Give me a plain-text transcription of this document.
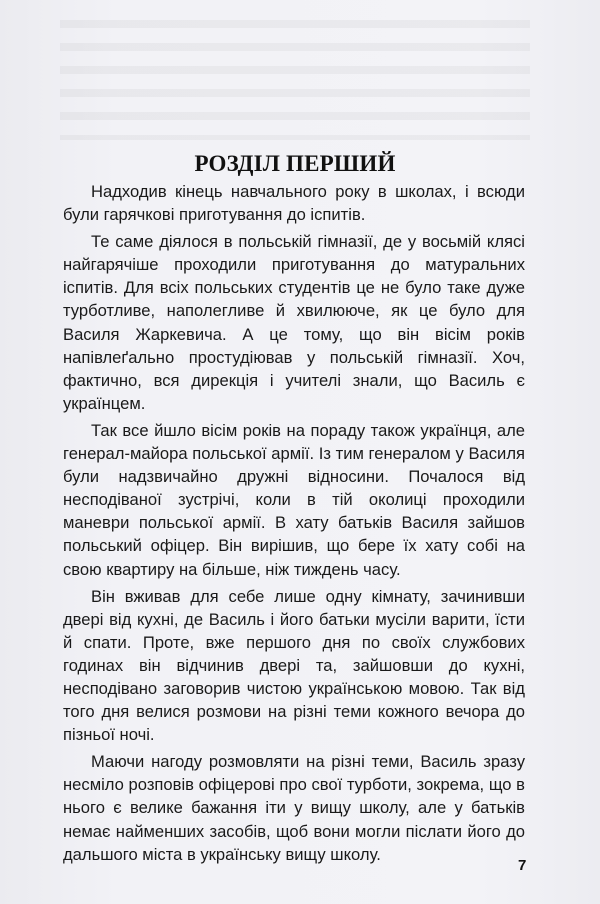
РОЗДІЛ ПЕРШИЙ

Надходив кінець навчального року в школах, і всюди були гарячкові приготування до іспитів.

Те саме діялося в польській гімназії, де у восьмій клясі найгарячіше проходили приготування до матуральних іспитів. Для всіх польських студентів це не було таке дуже турботливе, наполегливе й хвилююче, як це було для Василя Жаркевича. А це тому, що він вісім років напівлеґально простудіював у польській гімназії. Хоч, фактично, вся дирекція і учителі знали, що Василь є українцем.

Так все йшло вісім років на пораду також українця, але генерал-майора польської армії. Із тим генералом у Василя були надзвичайно дружні відносини. Почалося від несподіваної зустрічі, коли в тій околиці проходили маневри польської армії. В хату батьків Василя зайшов польський офіцер. Він вирішив, що бере їх хату собі на свою квартиру на більше, ніж тиждень часу.

Він вживав для себе лише одну кімнату, зачинивши двері від кухні, де Василь і його батьки мусіли варити, їсти й спати. Проте, вже першого дня по своїх службових годинах він відчинив двері та, зайшовши до кухні, несподівано заговорив чистою українською мовою. Так від того дня велися розмови на різні теми кожного вечора до пізньої ночі.

Маючи нагоду розмовляти на різні теми, Василь зразу несміло розповів офіцерові про свої турботи, зокрема, що в нього є велике бажання іти у вищу школу, але у батьків немає найменших засобів, щоб вони могли післати його до дальшого міста в українську вищу школу.

7
